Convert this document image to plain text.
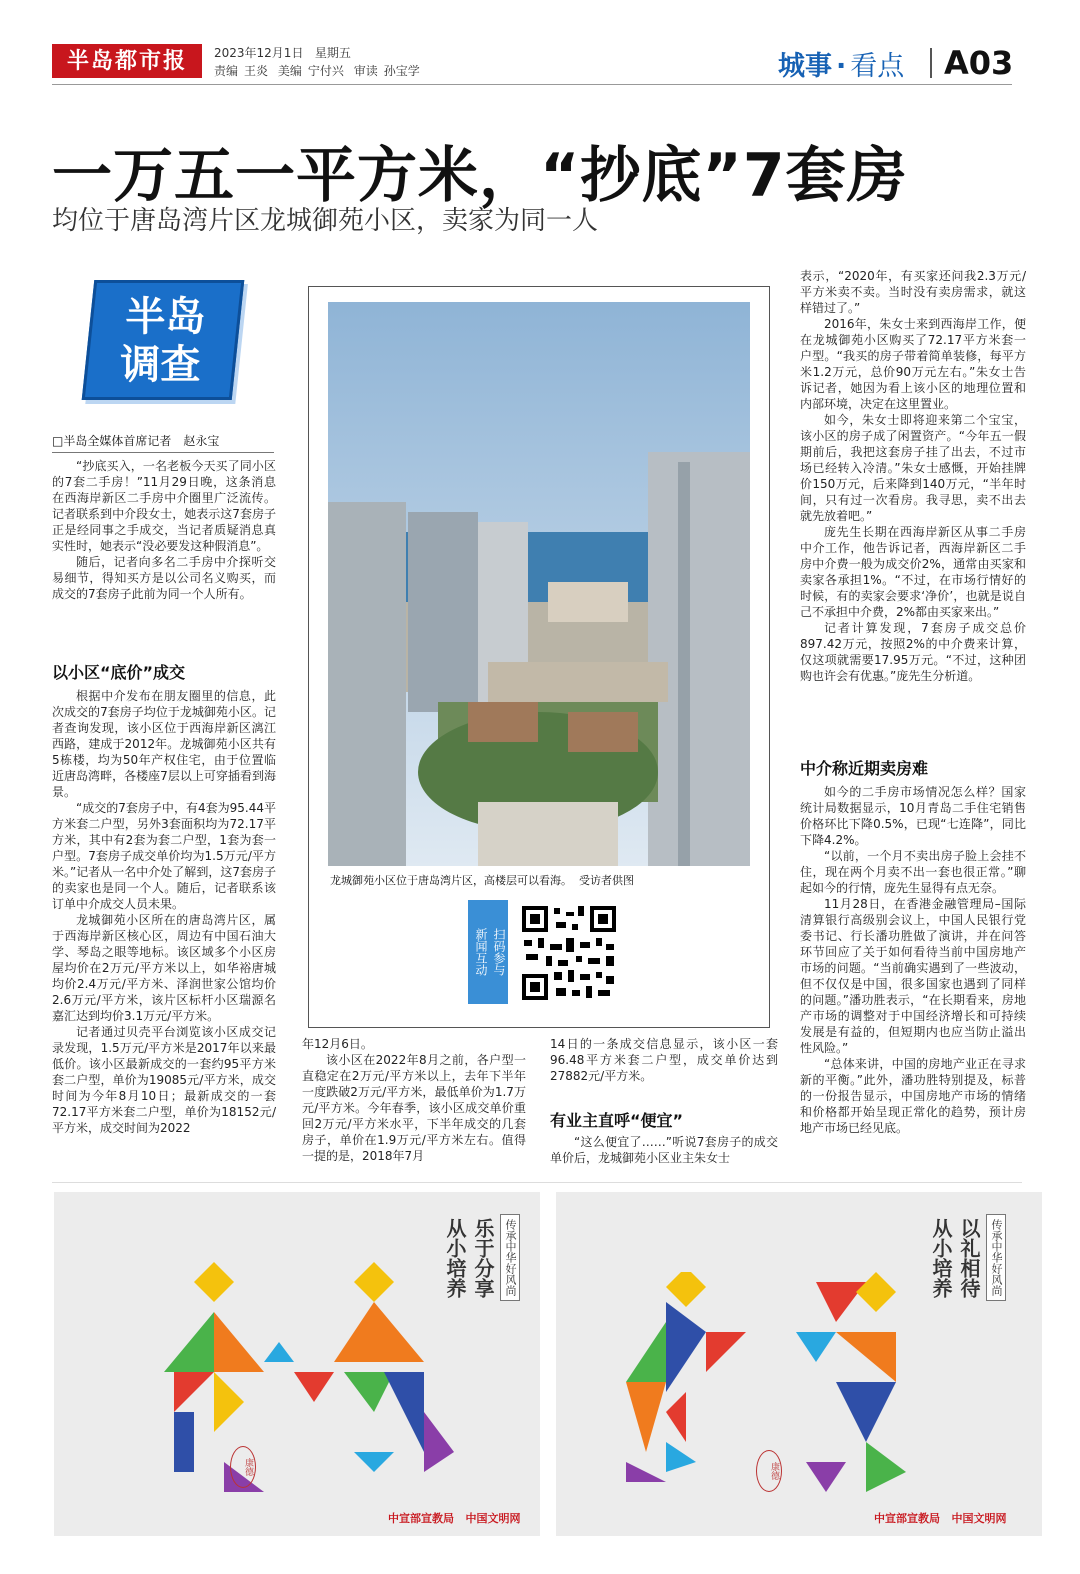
半岛都市报	2023年12月1日 星期五
责编 王炎 美编 宁付兴 审读 孙宝学	城事 · 看点 A03
一万五一平方米，“抄底”7套房
均位于唐岛湾片区龙城御苑小区，卖家为同一人
半岛
调查
□半岛全媒体首席记者　赵永宝

“抄底买入，一名老板今天买了同小区的7套二手房！”11月29日晚，这条消息在西海岸新区二手房中介圈里广泛流传。记者联系到中介段女士，她表示这7套房子正是经同事之手成交，当记者质疑消息真实性时，她表示“没必要发这种假消息”。

随后，记者向多名二手房中介探听交易细节，得知买方是以公司名义购买，而成交的7套房子此前为同一个人所有。

以小区“底价”成交

根据中介发布在朋友圈里的信息，此次成交的7套房子均位于龙城御苑小区。记者查询发现，该小区位于西海岸新区漓江西路，建成于2012年。龙城御苑小区共有5栋楼，均为50年产权住宅，由于位置临近唐岛湾畔，各楼座7层以上可穿插看到海景。

“成交的7套房子中，有4套为95.44平方米套二户型，另外3套面积均为72.17平方米，其中有2套为套二户型，1套为套一户型。7套房子成交单价均为1.5万元/平方米。”记者从一名中介处了解到，这7套房子的卖家也是同一个人。随后，记者联系该订单中介成交人员未果。

龙城御苑小区所在的唐岛湾片区，属于西海岸新区核心区，周边有中国石油大学、琴岛之眼等地标。该区域多个小区房屋均价在2万元/平方米以上，如华裕唐城均价2.4万元/平方米、泽润世家公馆均价2.6万元/平方米，该片区标杆小区瑞源名嘉汇达到均价3.1万元/平方米。

记者通过贝壳平台浏览该小区成交记录发现，1.5万元/平方米是2017年以来最低价。该小区最新成交的一套约95平方米套二户型，单价为19085元/平方米，成交时间为今年8月10日；最新成交的一套72.17平方米套二户型，单价为18152元/平方米，成交时间为2022

龙城御苑小区位于唐岛湾片区，高楼层可以看海。 受访者供图
扫码参与
新闻互动

年12月6日。

该小区在2022年8月之前，各户型一直稳定在2万元/平方米以上，去年下半年一度跌破2万元/平方米，最低单价为1.7万元/平方米。今年春季，该小区成交单价重回2万元/平方米水平，下半年成交的几套房子，单价在1.9万元/平方米左右。值得一提的是，2018年7月

14日的一条成交信息显示，该小区一套96.48平方米套二户型，成交单价达到27882元/平方米。

有业主直呼“便宜”

“这么便宜了……”听说7套房子的成交单价后，龙城御苑小区业主朱女士

表示，“2020年，有买家还问我2.3万元/平方米卖不卖。当时没有卖房需求，就这样错过了。”

2016年，朱女士来到西海岸工作，便在龙城御苑小区购买了72.17平方米套一户型。“我买的房子带着简单装修，每平方米1.2万元，总价90万元左右。”朱女士告诉记者，她因为看上该小区的地理位置和内部环境，决定在这里置业。

如今，朱女士即将迎来第二个宝宝，该小区的房子成了闲置资产。“今年五一假期前后，我把这套房子挂了出去，不过市场已经转入冷清。”朱女士感慨，开始挂牌价150万元，后来降到140万元，“半年时间，只有过一次看房。我寻思，卖不出去就先放着吧。”

庞先生长期在西海岸新区从事二手房中介工作，他告诉记者，西海岸新区二手房中介费一般为成交价2%，通常由买家和卖家各承担1%。“不过，在市场行情好的时候，有的卖家会要求‘净价’，也就是说自己不承担中介费，2%都由买家来出。”

记者计算发现，7套房子成交总价897.42万元，按照2%的中介费来计算，仅这项就需要17.95万元。“不过，这种团购也许会有优惠。”庞先生分析道。

中介称近期卖房难

如今的二手房市场情况怎么样？国家统计局数据显示，10月青岛二手住宅销售价格环比下降0.5%，已现“七连降”，同比下降4.2%。

“以前，一个月不卖出房子脸上会挂不住，现在两个月卖不出一套也很正常。”聊起如今的行情，庞先生显得有点无奈。

11月28日，在香港金融管理局–国际清算银行高级别会议上，中国人民银行党委书记、行长潘功胜做了演讲，并在问答环节回应了关于如何看待当前中国房地产市场的问题。“当前确实遇到了一些波动，但不仅仅是中国，很多国家也遇到了同样的问题。”潘功胜表示，“在长期看来，房地产市场的调整对于中国经济增长和可持续发展是有益的，但短期内也应当防止溢出性风险。”

“总体来讲，中国的房地产业正在寻求新的平衡。”此外，潘功胜特别提及，标普的一份报告显示，中国房地产市场的情绪和价格都开始呈现正常化的趋势，预计房地产市场已经见底。

从小培养 乐于分享 传承中华好风尚
康德
中宣部宣教局 中国文明网
从小培养 以礼相待 传承中华好风尚
康德
中宣部宣教局 中国文明网
